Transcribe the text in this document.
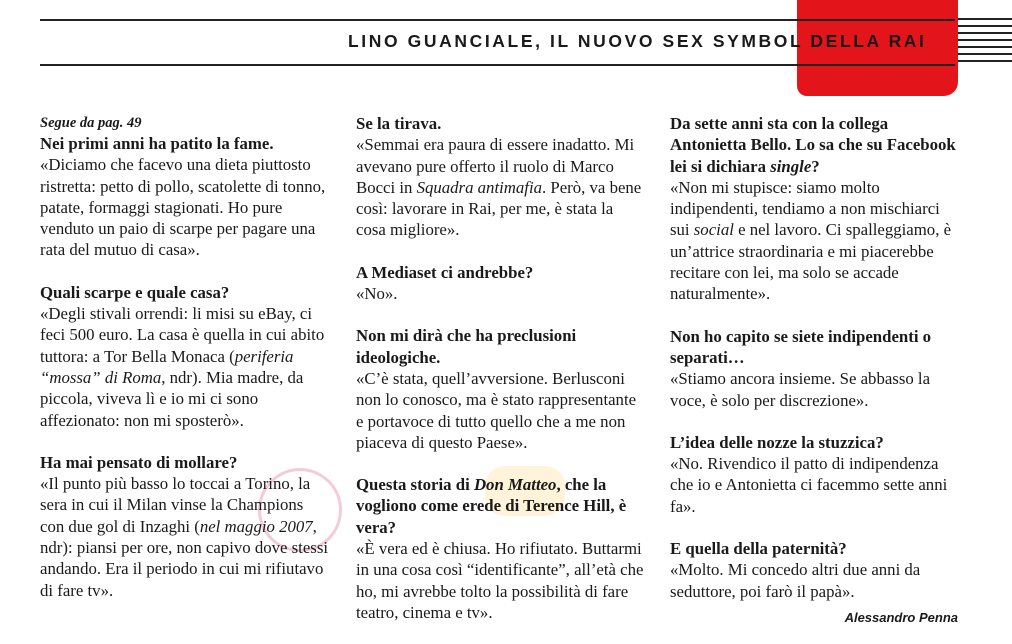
LINO GUANCIALE, IL NUOVO SEX SYMBOL DELLA RAI
Segue da pag. 49
Nei primi anni ha patito la fame.
«Diciamo che facevo una dieta piuttosto ristretta: petto di pollo, scatolette di tonno, patate, formaggi stagionati. Ho pure venduto un paio di scarpe per pagare una rata del mutuo di casa».
Quali scarpe e quale casa?
«Degli stivali orrendi: li misi su eBay, ci feci 500 euro. La casa è quella in cui abito tuttora: a Tor Bella Monaca (periferia “mossa” di Roma, ndr). Mia madre, da piccola, viveva lì e io mi ci sono affezionato: non mi sposterò».
Ha mai pensato di mollare?
«Il punto più basso lo toccai a Torino, la sera in cui il Milan vinse la Champions con due gol di Inzaghi (nel maggio 2007, ndr): piansi per ore, non capivo dove stessi andando. Era il periodo in cui mi rifiutavo di fare tv».
Se la tirava.
«Semmai era paura di essere inadatto. Mi avevano pure offerto il ruolo di Marco Bocci in Squadra antimafia. Però, va bene così: lavorare in Rai, per me, è stata la cosa migliore».
A Mediaset ci andrebbe?
«No».
Non mi dirà che ha preclusioni ideologiche.
«C’è stata, quell’avversione. Berlusconi non lo conosco, ma è stato rappresentante e portavoce di tutto quello che a me non piaceva di questo Paese».
Questa storia di Don Matteo, che la vogliono come erede di Terence Hill, è vera?
«È vera ed è chiusa. Ho rifiutato. Buttarmi in una cosa così “identificante”, all’età che ho, mi avrebbe tolto la possibilità di fare teatro, cinema e tv».
Da sette anni sta con la collega Antonietta Bello. Lo sa che su Facebook lei si dichiara single?
«Non mi stupisce: siamo molto indipendenti, tendiamo a non mischiarci sui social e nel lavoro. Ci spalleggiamo, è un’attrice straordinaria e mi piacerebbe recitare con lei, ma solo se accade naturalmente».
Non ho capito se siete indipendenti o separati…
«Stiamo ancora insieme. Se abbasso la voce, è solo per discrezione».
L’idea delle nozze la stuzzica?
«No. Rivendico il patto di indipendenza che io e Antonietta ci facemmo sette anni fa».
E quella della paternità?
«Molto. Mi concedo altri due anni da seduttore, poi farò il papà».
Alessandro Penna
